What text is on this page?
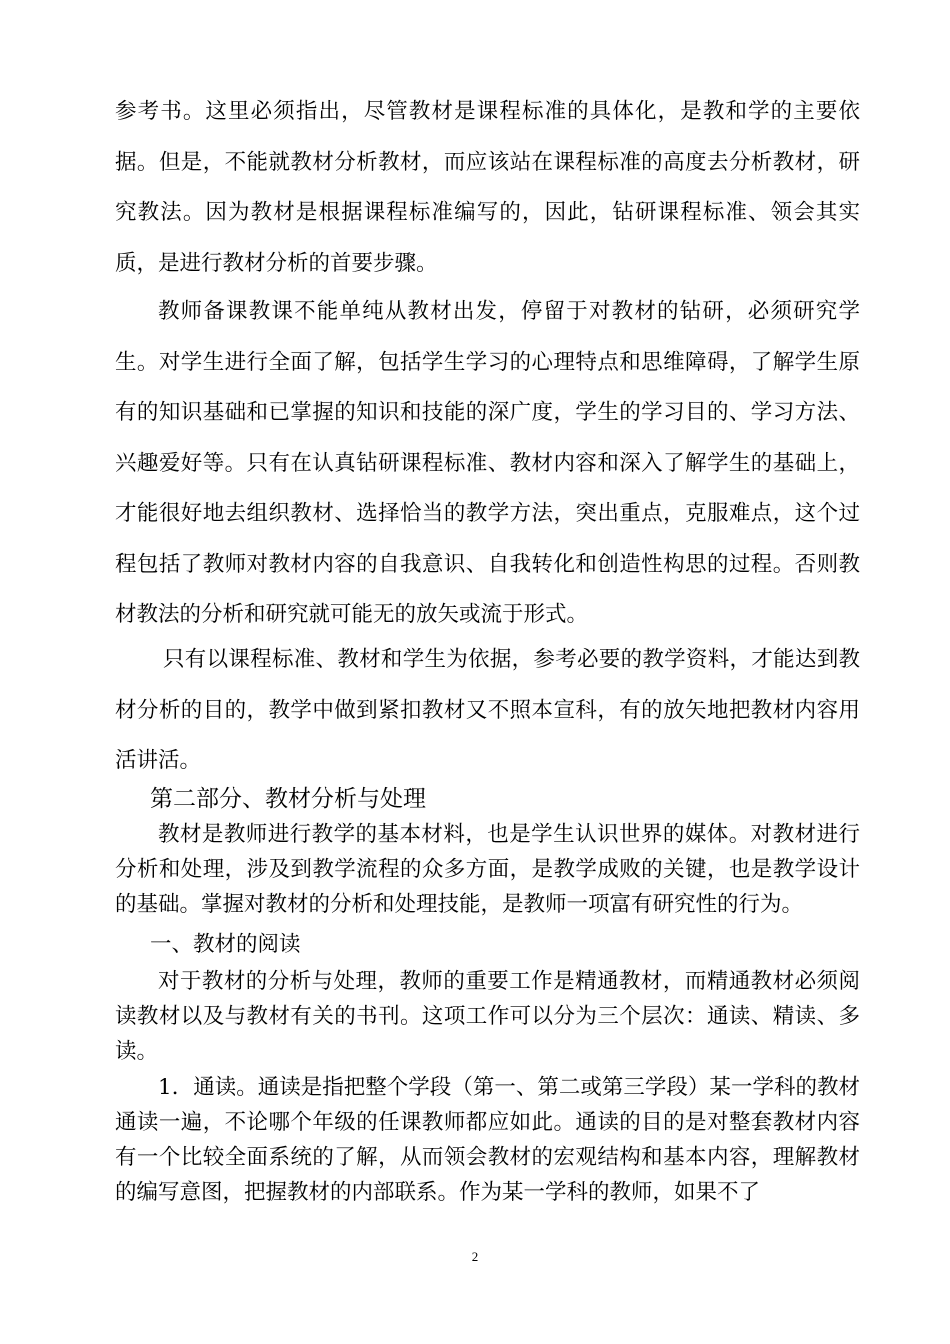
参考书。这里必须指出，尽管教材是课程标准的具体化，是教和学的主要依据。但是，不能就教材分析教材，而应该站在课程标准的高度去分析教材，研究教法。因为教材是根据课程标准编写的，因此，钻研课程标准、领会其实质，是进行教材分析的首要步骤。

教师备课教课不能单纯从教材出发，停留于对教材的钻研，必须研究学生。对学生进行全面了解，包括学生学习的心理特点和思维障碍，了解学生原有的知识基础和已掌握的知识和技能的深广度，学生的学习目的、学习方法、兴趣爱好等。只有在认真钻研课程标准、教材内容和深入了解学生的基础上，才能很好地去组织教材、选择恰当的教学方法，突出重点，克服难点，这个过程包括了教师对教材内容的自我意识、自我转化和创造性构思的过程。否则教材教法的分析和研究就可能无的放矢或流于形式。

只有以课程标准、教材和学生为依据，参考必要的教学资料，才能达到教材分析的目的，教学中做到紧扣教材又不照本宣科，有的放矢地把教材内容用活讲活。

第二部分、教材分析与处理

教材是教师进行教学的基本材料，也是学生认识世界的媒体。对教材进行分析和处理，涉及到教学流程的众多方面，是教学成败的关键，也是教学设计的基础。掌握对教材的分析和处理技能，是教师一项富有研究性的行为。

一、教材的阅读

对于教材的分析与处理，教师的重要工作是精通教材，而精通教材必须阅读教材以及与教材有关的书刊。这项工作可以分为三个层次：通读、精读、多读。

1．通读。通读是指把整个学段（第一、第二或第三学段）某一学科的教材通读一遍，不论哪个年级的任课教师都应如此。通读的目的是对整套教材内容有一个比较全面系统的了解，从而领会教材的宏观结构和基本内容，理解教材的编写意图，把握教材的内部联系。作为某一学科的教师，如果不了

2
